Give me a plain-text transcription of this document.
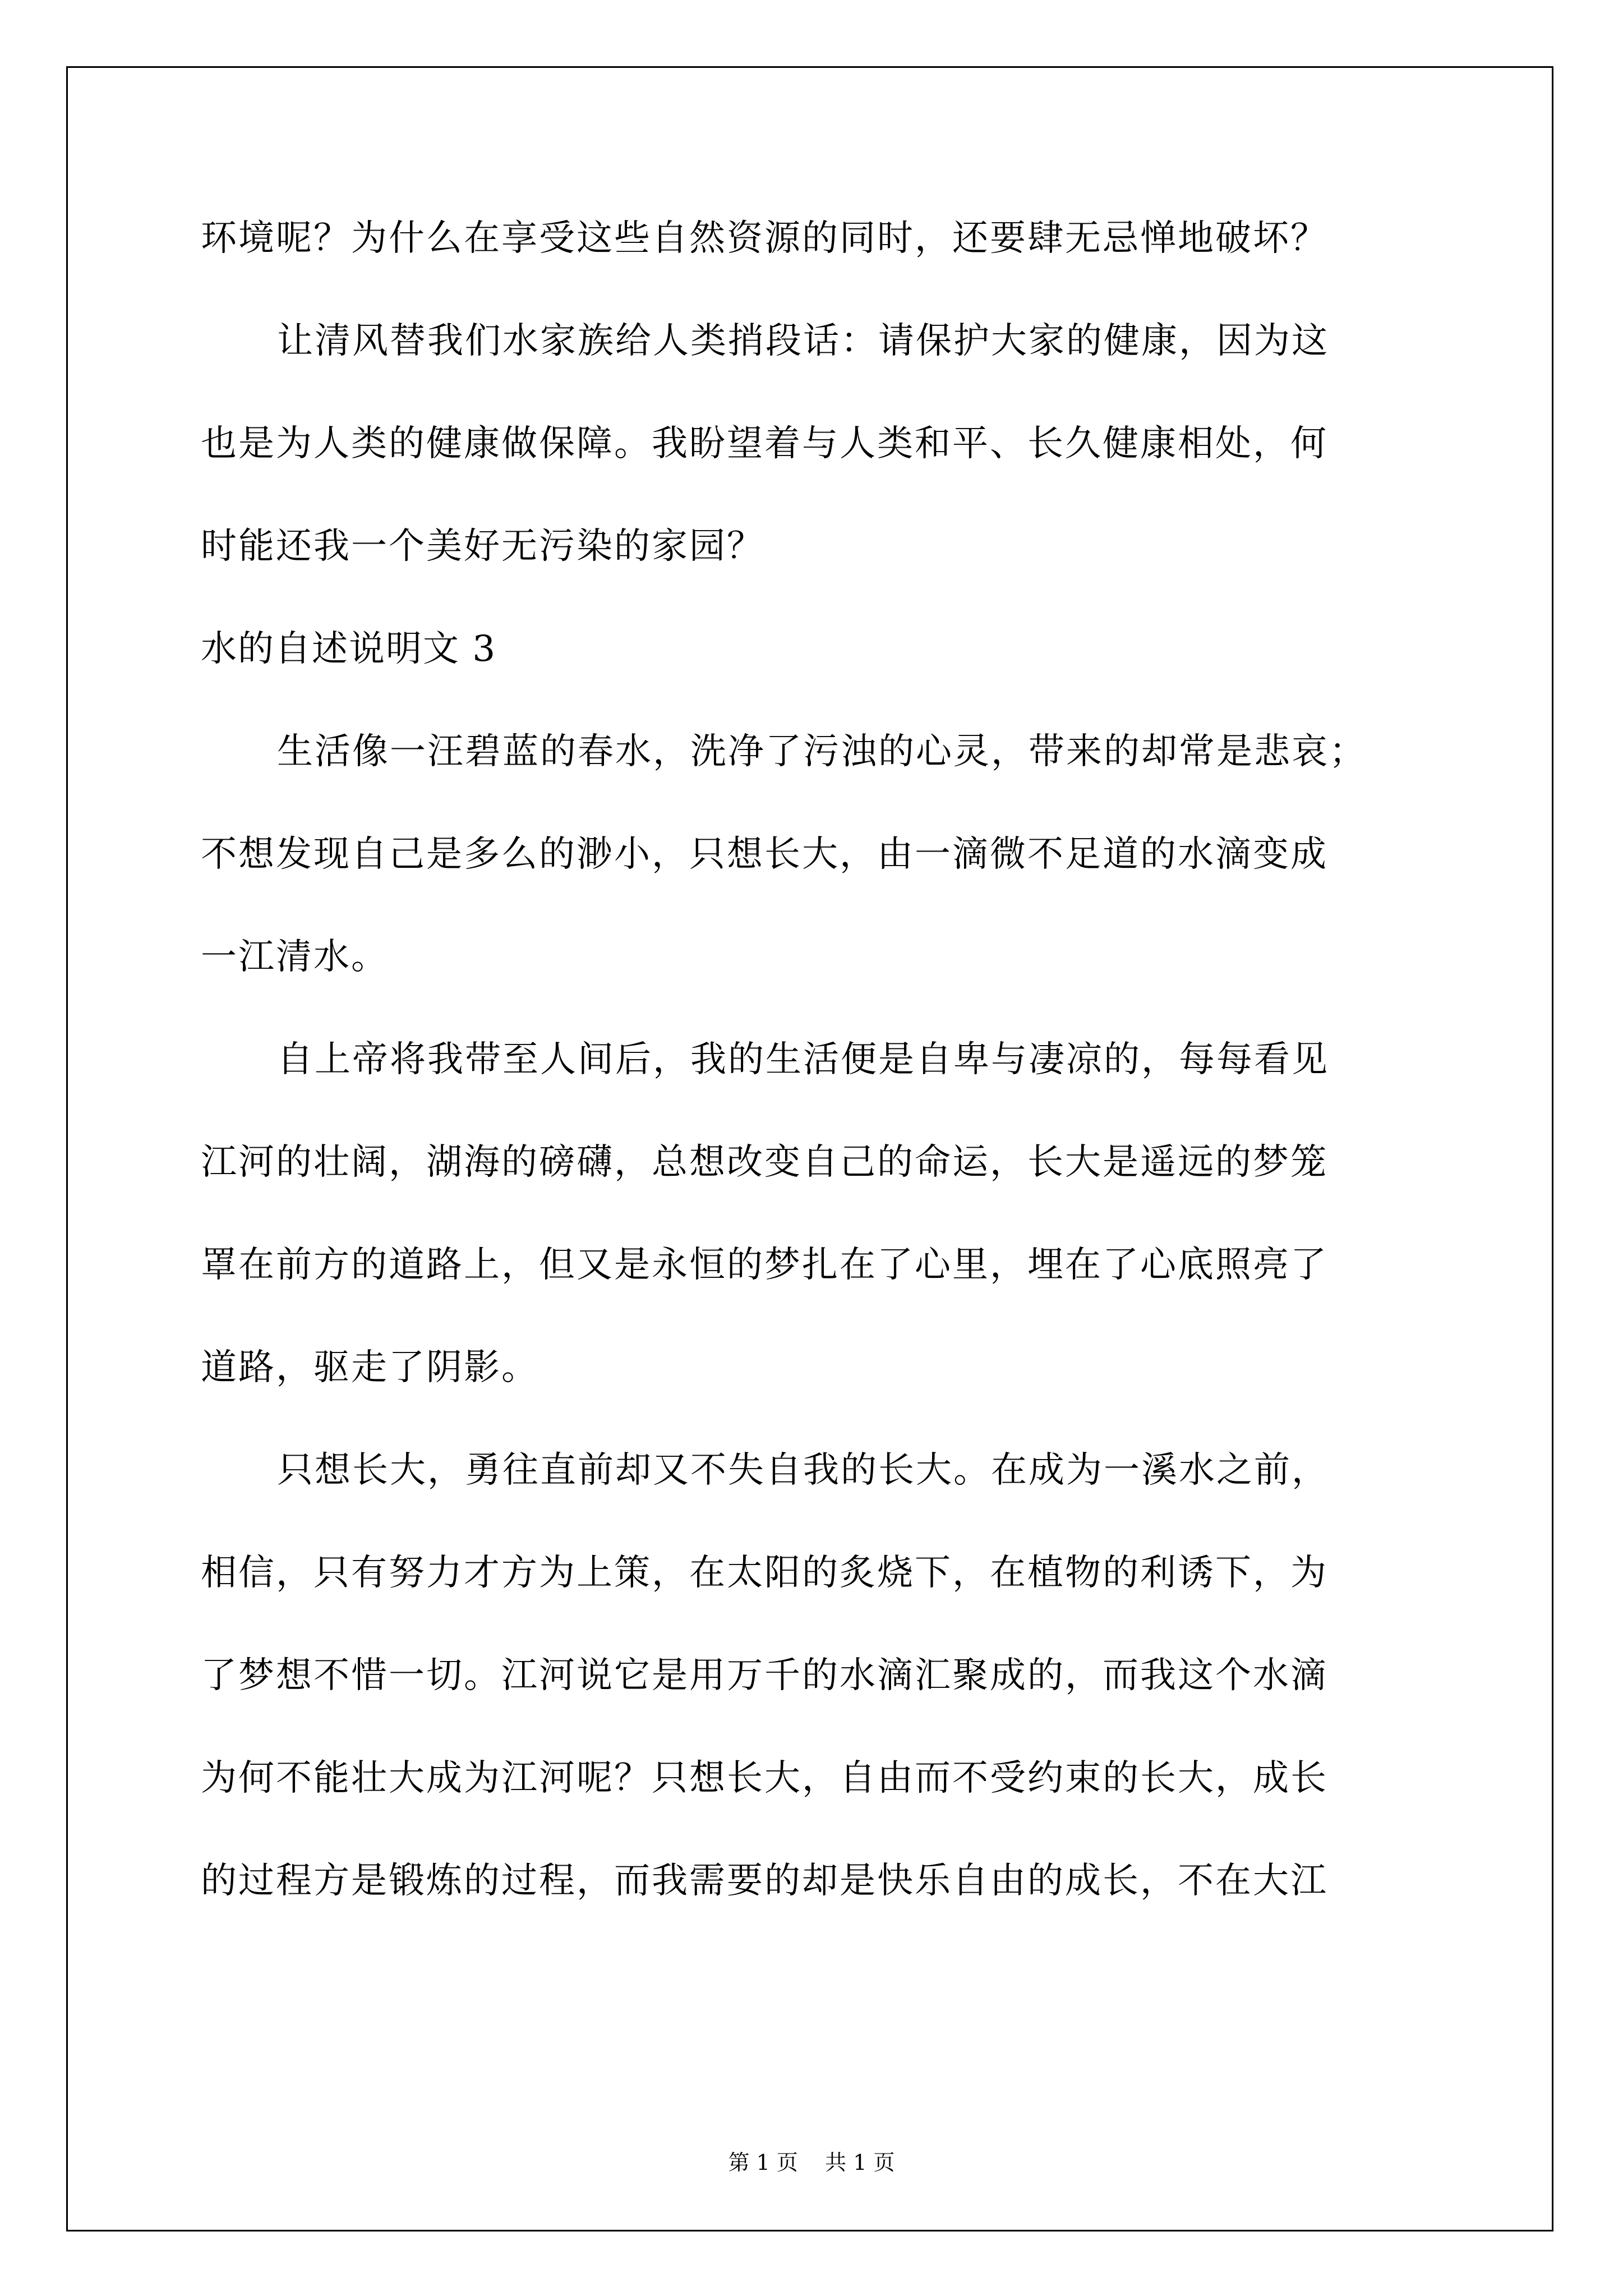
环境呢？为什么在享受这些自然资源的同时，还要肆无忌惮地破坏？
让清风替我们水家族给人类捎段话：请保护大家的健康，因为这
也是为人类的健康做保障。我盼望着与人类和平、长久健康相处，何
时能还我一个美好无污染的家园？
水的自述说明文 3
生活像一汪碧蓝的春水，洗净了污浊的心灵，带来的却常是悲哀；
不想发现自己是多么的渺小，只想长大，由一滴微不足道的水滴变成
一江清水。
自上帝将我带至人间后，我的生活便是自卑与凄凉的，每每看见
江河的壮阔，湖海的磅礴，总想改变自己的命运，长大是遥远的梦笼
罩在前方的道路上，但又是永恒的梦扎在了心里，埋在了心底照亮了
道路，驱走了阴影。
只想长大，勇往直前却又不失自我的长大。在成为一溪水之前，
相信，只有努力才方为上策，在太阳的炙烧下，在植物的利诱下，为
了梦想不惜一切。江河说它是用万千的水滴汇聚成的，而我这个水滴
为何不能壮大成为江河呢？只想长大，自由而不受约束的长大，成长
的过程方是锻炼的过程，而我需要的却是快乐自由的成长，不在大江
第 1 页    共 1 页
